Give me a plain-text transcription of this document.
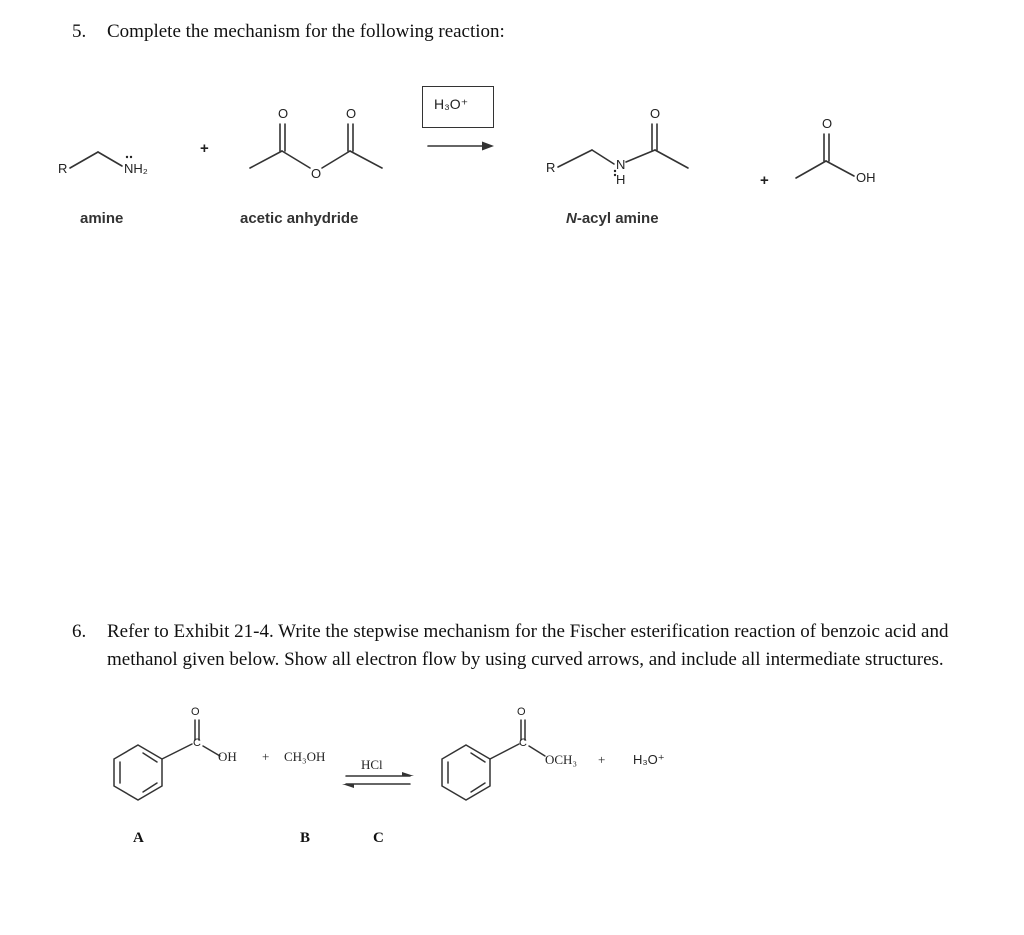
5. Complete the mechanism for the following reaction:
R	NH₂
+
O
O
O
H₃O⁺
R	N
H
O
+
O
OH
amine	acetic anhydride	N-acyl amine
6. Refer to Exhibit 21-4. Write the stepwise mechanism for the Fischer esterification reaction of benzoic acid and methanol given below. Show all electron flow by using curved arrows, and include all intermediate structures.
O
C
OH + CH₃OH
HCl
O
C
OCH₃ + H₃O⁺
A	B	C
